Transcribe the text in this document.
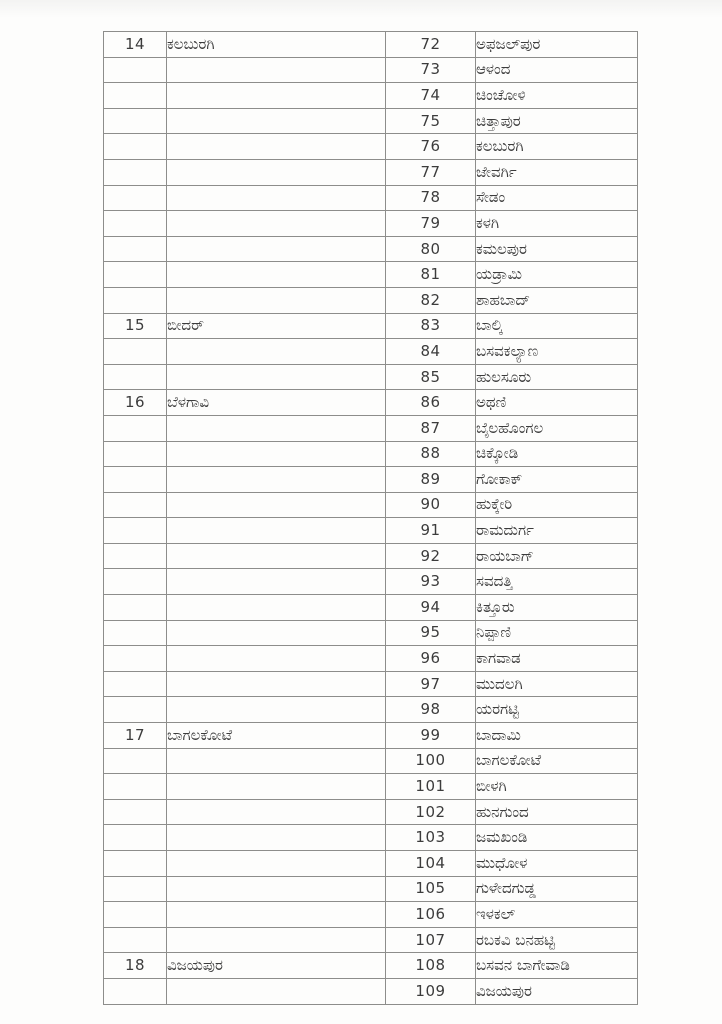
14	ಕಲಬುರಗಿ	72	ಅಫಜಲ್‌ಪುರ
		73	ಆಳಂದ
		74	ಚಿಂಚೋಳಿ
		75	ಚಿತ್ತಾಪುರ
		76	ಕಲಬುರಗಿ
		77	ಜೇವರ್ಗಿ
		78	ಸೇಡಂ
		79	ಕಳಗಿ
		80	ಕಮಲಪುರ
		81	ಯಡ್ರಾಮಿ
		82	ಶಾಹಬಾದ್
15	ಬೀದರ್	83	ಬಾಲ್ಕಿ
		84	ಬಸವಕಲ್ಯಾಣ
		85	ಹುಲಸೂರು
16	ಬೆಳಗಾವಿ	86	ಅಥಣಿ
		87	ಬೈಲಹೊಂಗಲ
		88	ಚಿಕ್ಕೋಡಿ
		89	ಗೋಕಾಕ್
		90	ಹುಕ್ಕೇರಿ
		91	ರಾಮದುರ್ಗ
		92	ರಾಯಬಾಗ್
		93	ಸವದತ್ತಿ
		94	ಕಿತ್ತೂರು
		95	ನಿಪ್ಪಾಣಿ
		96	ಕಾಗವಾಡ
		97	ಮುದಲಗಿ
		98	ಯರಗಟ್ಟಿ
17	ಬಾಗಲಕೋಟೆ	99	ಬಾದಾಮಿ
		100	ಬಾಗಲಕೋಟೆ
		101	ಬೀಳಗಿ
		102	ಹುನಗುಂದ
		103	ಜಮಖಂಡಿ
		104	ಮುಧೋಳ
		105	ಗುಳೇದಗುಡ್ಡ
		106	ಇಳಕಲ್
		107	ರಬಕವಿ ಬನಹಟ್ಟಿ
18	ವಿಜಯಪುರ	108	ಬಸವನ ಬಾಗೇವಾಡಿ
		109	ವಿಜಯಪುರ
